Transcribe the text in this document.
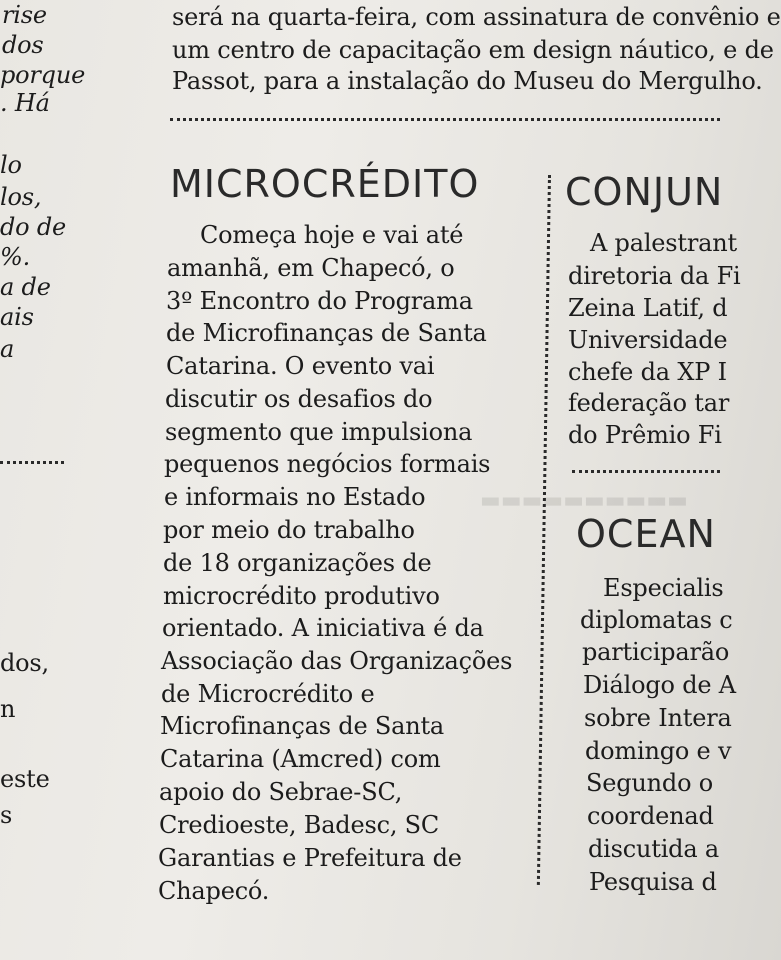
▬▬▬▬▬▬▬▬▬▬
será na quarta-feira, com assinatura de convênio e
um centro de capacitação em design náutico, e de
Passot, para a instalação do Museu do Mergulho.
rise
dos
porque
. Há
lo
los,
do de
%.
a de
ais
a
dos,
n
este
s
MICROCRÉDITO
Começa hoje e vai até
amanhã, em Chapecó, o
3º Encontro do Programa
de Microfinanças de Santa
Catarina. O evento vai
discutir os desafios do
segmento que impulsiona
pequenos negócios formais
e informais no Estado
por meio do trabalho
de 18 organizações de
microcrédito produtivo
orientado. A iniciativa é da
Associação das Organizações
de Microcrédito e
Microfinanças de Santa
Catarina (Amcred) com
apoio do Sebrae-SC,
Credioeste, Badesc, SC
Garantias e Prefeitura de
Chapecó.
CONJUN
A palestrant
diretoria da Fi
Zeina Latif, d
Universidade
chefe da XP I
federação tar
do Prêmio Fi
OCEAN
Especialis
diplomatas c
participarão
Diálogo de A
sobre Intera
domingo e v
Segundo o
coordenad
discutida a
Pesquisa d
